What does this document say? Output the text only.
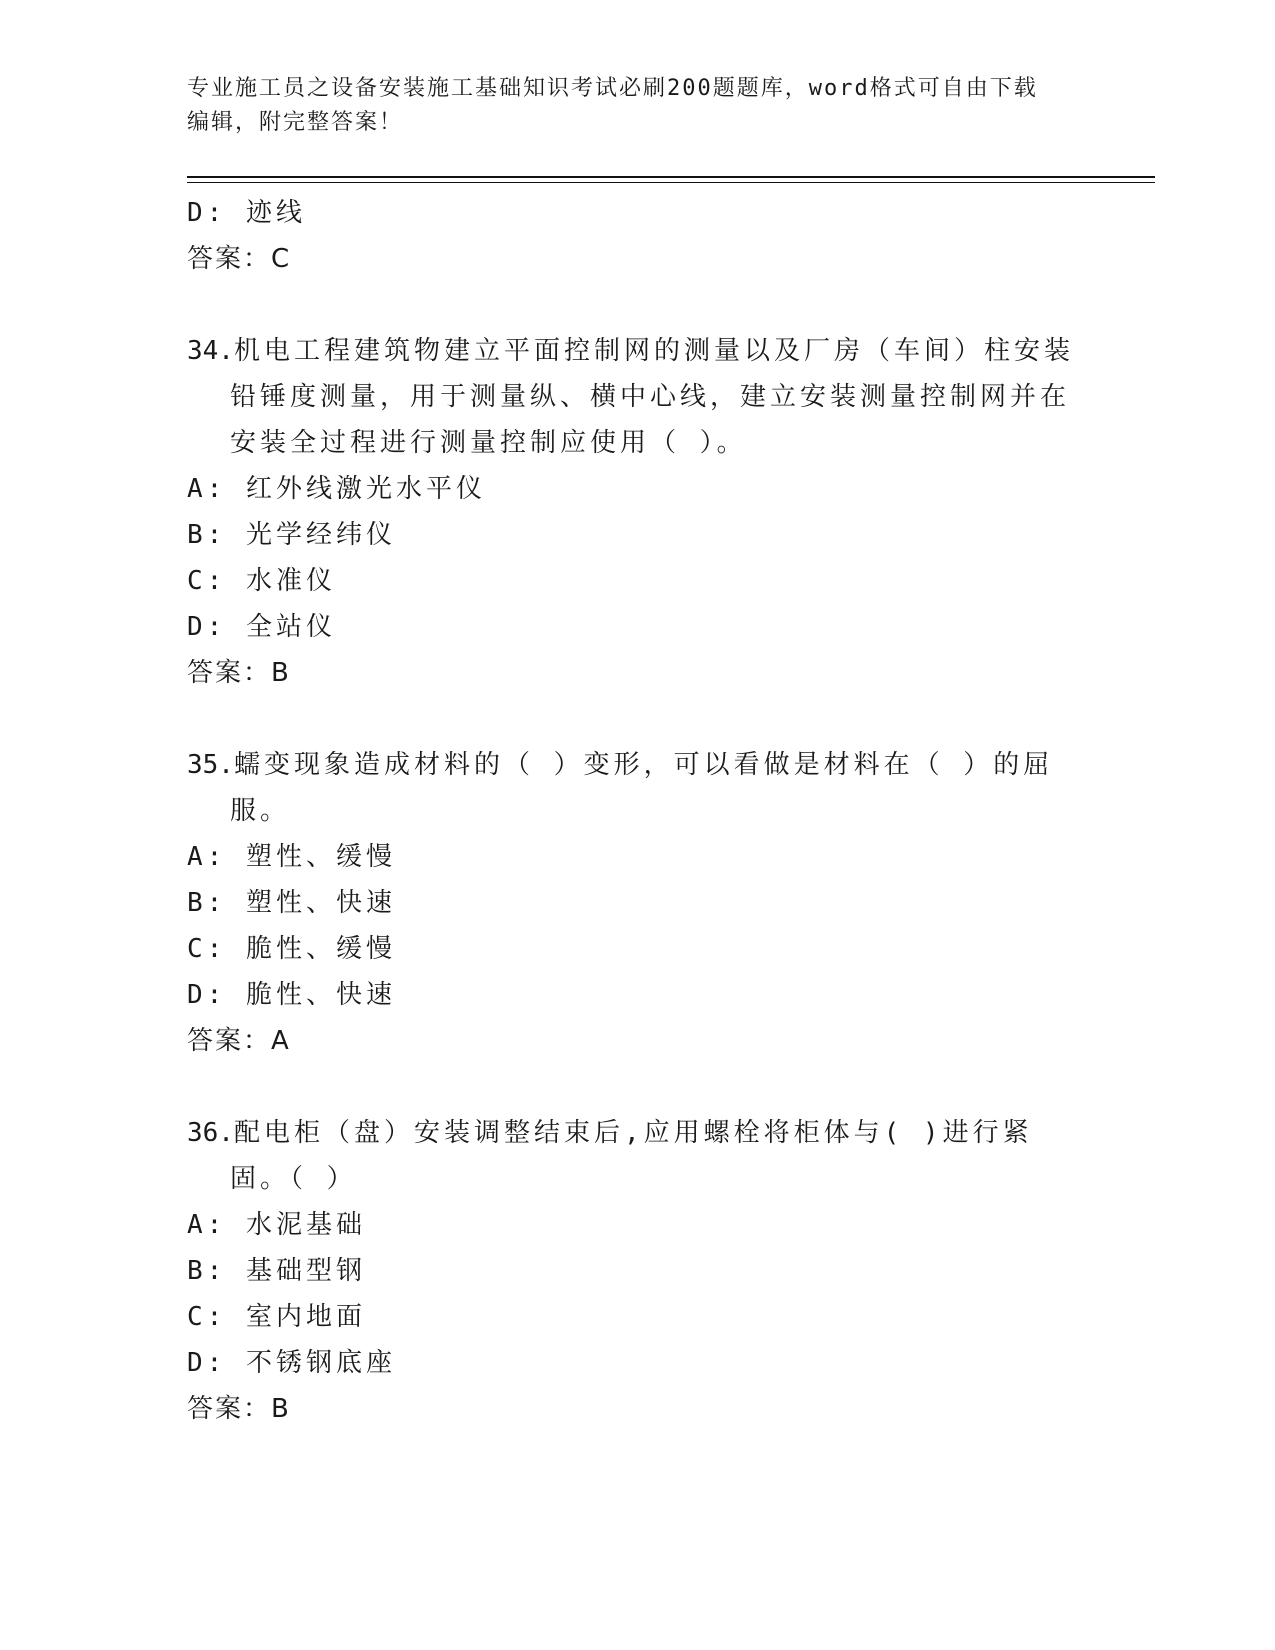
专业施工员之设备安装施工基础知识考试必刷200题题库，word格式可自由下载
编辑，附完整答案！
D: 迹线
答案：C
34.机电工程建筑物建立平面控制网的测量以及厂房（车间）柱安装铅锤度测量，用于测量纵、横中心线，建立安装测量控制网并在安装全过程进行测量控制应使用（ ）。
A: 红外线激光水平仪
B: 光学经纬仪
C: 水准仪
D: 全站仪
答案：B
35.蠕变现象造成材料的（ ）变形，可以看做是材料在（ ）的屈服。
A: 塑性、缓慢
B: 塑性、快速
C: 脆性、缓慢
D: 脆性、快速
答案：A
36.配电柜（盘）安装调整结束后,应用螺栓将柜体与( )进行紧固。（ ）
A: 水泥基础
B: 基础型钢
C: 室内地面
D: 不锈钢底座
答案：B
